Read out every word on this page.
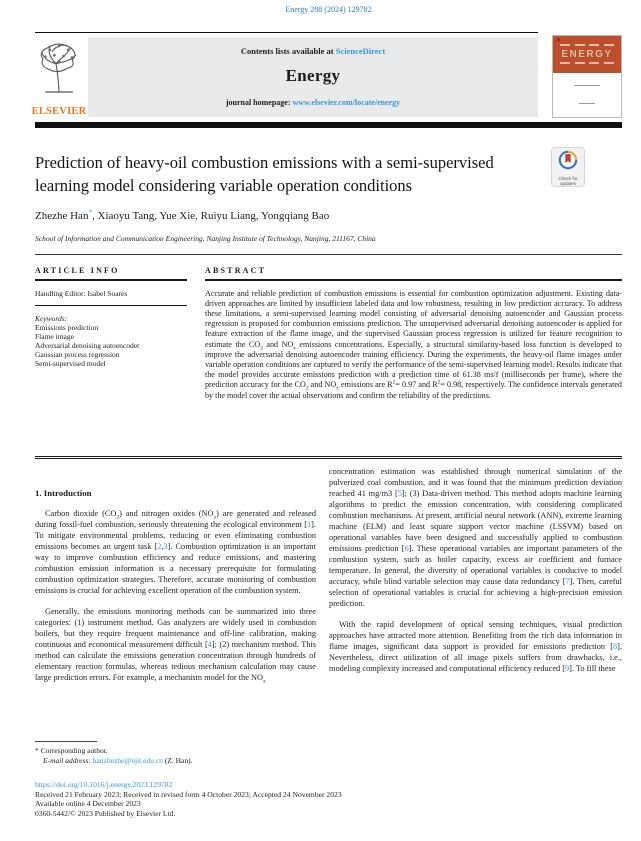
Energy 288 (2024) 129782
ELSEVIER
Contents lists available at ScienceDirect
Energy
journal homepage: www.elsevier.com/locate/energy
✕
ENERGY

Prediction of heavy-oil combustion emissions with a semi-supervised learning model considering variable operation conditions	Check for
updates
Zhezhe Han*, Xiaoyu Tang, Yue Xie, Ruiyu Liang, Yongqiang Bao
School of Information and Communication Engineering, Nanjing Institute of Technology, Nanjing, 211167, China
ARTICLE INFO
Handling Editor: Isabel Soares
Keywords:
Emissions prediction
Flame image
Adversarial denoising autoencoder
Gaussian process regression
Semi-supervised model
ABSTRACT
Accurate and reliable prediction of combustion emissions is essential for combustion optimization adjustment. Existing data-driven approaches are limited by insufficient labeled data and low robustness, resulting in low prediction accuracy. To address these limitations, a semi-supervised learning model consisting of adversarial denoising autoencoder and Gaussian process regression is proposed for combustion emissions prediction. The unsupervised adversarial denoising autoencoder is applied for feature extraction of the flame image, and the supervised Gaussian process regression is utilized for feature recognition to estimate the $CO_2$ and $NO_x$ emissions concentrations. Especially, a structural similarity-based loss function is developed to improve the adversarial denoising autoencoder training efficiency. During the experiments, the heavy-oil flame images under variable operation conditions are captured to verify the performance of the semi-supervised learning model. Results indicate that the model provides accurate emissions prediction with a prediction time of 61.38 ms/f (milliseconds per frame), where the prediction accuracy for the $CO_2$ and $NO_x$ emissions are $R^2= 0.97$ and $R^2= 0.98$, respectively. The confidence intervals generated by the model cover the actual observations and confirm the reliability of the predictions.
1. Introduction
Carbon dioxide $(CO_2)$ and nitrogen oxides $(NO_x)$ are generated and released during fossil-fuel combustion, seriously threatening the ecological environment [1]. To mitigate environmental problems, reducing or even eliminating combustion emissions becomes an urgent task [2,3]. Combustion optimization is an important way to improve combustion efficiency and reduce emissions, and mastering combustion emission information is a necessary prerequisite for formulating combustion optimization strategies. Therefore, accurate monitoring of combustion emissions is crucial for achieving excellent operation of the combustion system.
Generally, the emissions monitoring methods can be summarized into three categories: (1) instrument method. Gas analyzers are widely used in combustion boilers, but they require frequent maintenance and off-line calibration, making continuous and economical measurement difficult [4]; (2) mechanism method. This method can calculate the emissions generation concentration through hundreds of elementary reaction formulas, whereas tedious mechanism calculation may cause large prediction errors. For example, a mechanism model for the $NO_x$
concentration estimation was established through numerical simulation of the pulverized coal combustion, and it was found that the minimum prediction deviation reached 41 mg/m3 [5]; (3) Data-driven method. This method adopts machine learning algorithms to predict the emission concentration, with considering complicated combustion mechanisms. At present, artificial neural network (ANN), extreme learning machine (ELM) and least square support vector machine (LSSVM) based on operational variables have been designed and successfully applied to combustion emissions prediction [6]. These operational variables are important parameters of the combustion system, such as boiler capacity, excess air coefficient and furnace temperature. In general, the diversity of operational variables is conducive to model accuracy, while blind variable selection may cause data redundancy [7]. Then, careful selection of operational variables is crucial for achieving a high-precision emission prediction.
With the rapid development of optical sensing techniques, visual prediction approaches have attracted more attention. Benefiting from the rich data information in flame images, significant data support is provided for emissions prediction [8]. Nevertheless, direct utilization of all image pixels suffers from drawbacks, i.e., modeling complexity increased and computational efficiency reduced [9]. To fill these
* Corresponding author.
E-mail address: hanzhezhe@njit.edu.cn (Z. Han).
https://doi.org/10.1016/j.energy.2023.129782
Received 21 February 2023; Received in revised form 4 October 2023; Accepted 24 November 2023
Available online 4 December 2023
0360-5442/© 2023 Published by Elsevier Ltd.
